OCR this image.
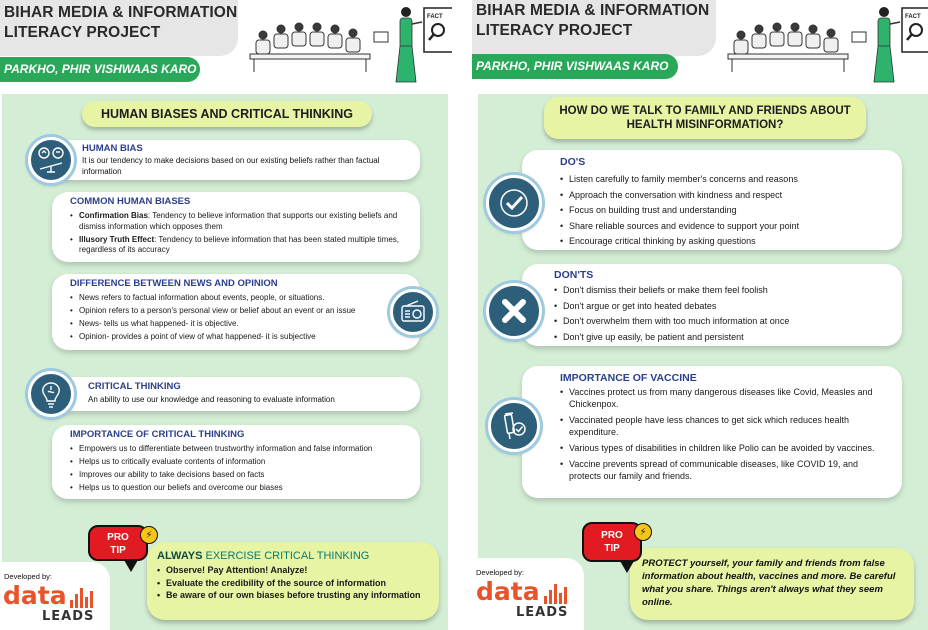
BIHAR MEDIA & INFORMATION
LITERACY PROJECT
PARKHO, PHIR VISHWAAS KARO
FACT
HUMAN BIASES AND CRITICAL THINKING
HUMAN BIAS
It is our tendency to make decisions based on our existing beliefs rather than factual information
COMMON HUMAN BIASES
• Confirmation Bias: Tendency to believe information that supports our existing beliefs and dismiss information which opposes them
• Illusory Truth Effect: Tendency to believe information that has been stated multiple times, regardless of its accuracy
DIFFERENCE BETWEEN NEWS AND OPINION
• News refers to factual information about events, people, or situations.
• Opinion refers to a person's personal view or belief about an event or an issue
• News- tells us what happened- it is objective.
• Opinion- provides a point of view of what happened- it is subjective
CRITICAL THINKING
An ability to use our knowledge and reasoning to evaluate information
IMPORTANCE OF CRITICAL THINKING
• Empowers us to differentiate between trustworthy information and false information
• Helps us to critically evaluate contents of information
• Improves our ability to take decisions based on facts
• Helps us to question our beliefs and overcome our biases
Developed by:
data
LEADS
ALWAYS EXERCISE CRITICAL THINKING
• Observe! Pay Attention! Analyze!
• Evaluate the credibility of the source of information
• Be aware of our own biases before trusting any information
PRO
TIP
⚡
BIHAR MEDIA & INFORMATION
LITERACY PROJECT
PARKHO, PHIR VISHWAAS KARO
FACT
HOW DO WE TALK TO FAMILY AND FRIENDS ABOUT
HEALTH MISINFORMATION?
DO'S
• Listen carefully to family member's concerns and reasons
• Approach the conversation with kindness and respect
• Focus on building trust and understanding
• Share reliable sources and evidence to support your point
• Encourage critical thinking by asking questions
DON'TS
• Don't dismiss their beliefs or make them feel foolish
• Don't argue or get into heated debates
• Don't overwhelm them with too much information at once
• Don't give up easily, be patient and persistent
IMPORTANCE OF VACCINE
• Vaccines protect us from many dangerous diseases like Covid, Measles and Chickenpox.
• Vaccinated people have less chances to get sick which reduces health expenditure.
• Various types of disabilities in children like Polio can be avoided by vaccines.
• Vaccine prevents spread of communicable diseases, like COVID 19, and protects our family and friends.
Developed by:
data
LEADS
PROTECT yourself, your family and friends from false information about health, vaccines and more. Be careful what you share. Things aren't always what they seem online.
PRO
TIP
⚡
